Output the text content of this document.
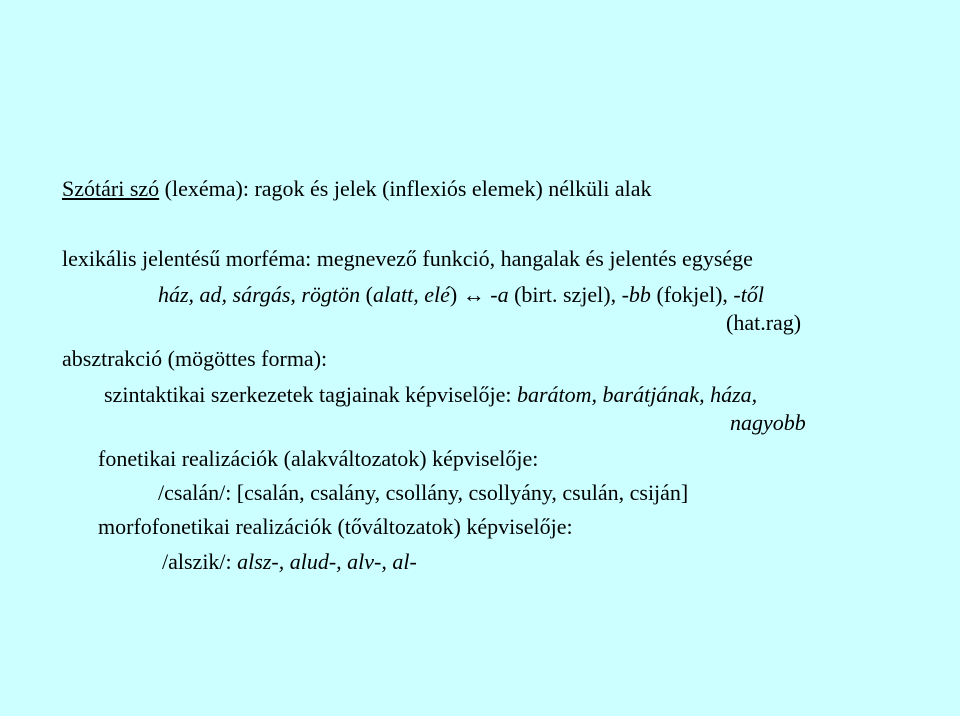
Szótári szó (lexéma): ragok és jelek (inflexiós elemek) nélküli alak
lexikális jelentésű morféma: megnevező funkció, hangalak és jelentés egysége
ház, ad, sárgás, rögtön (alatt, elé) ↔ -a (birt. szjel), -bb (fokjel), -től
(hat.rag)
absztrakció (mögöttes forma):
szintaktikai szerkezetek tagjainak képviselője: barátom, barátjának, háza,
nagyobb
fonetikai realizációk (alakváltozatok) képviselője:
/csalán/: [csalán, csalány, csollány, csollyány, csulán, csiján]
morfofonetikai realizációk (tőváltozatok) képviselője:
/alszik/: alsz-, alud-, alv-, al-
